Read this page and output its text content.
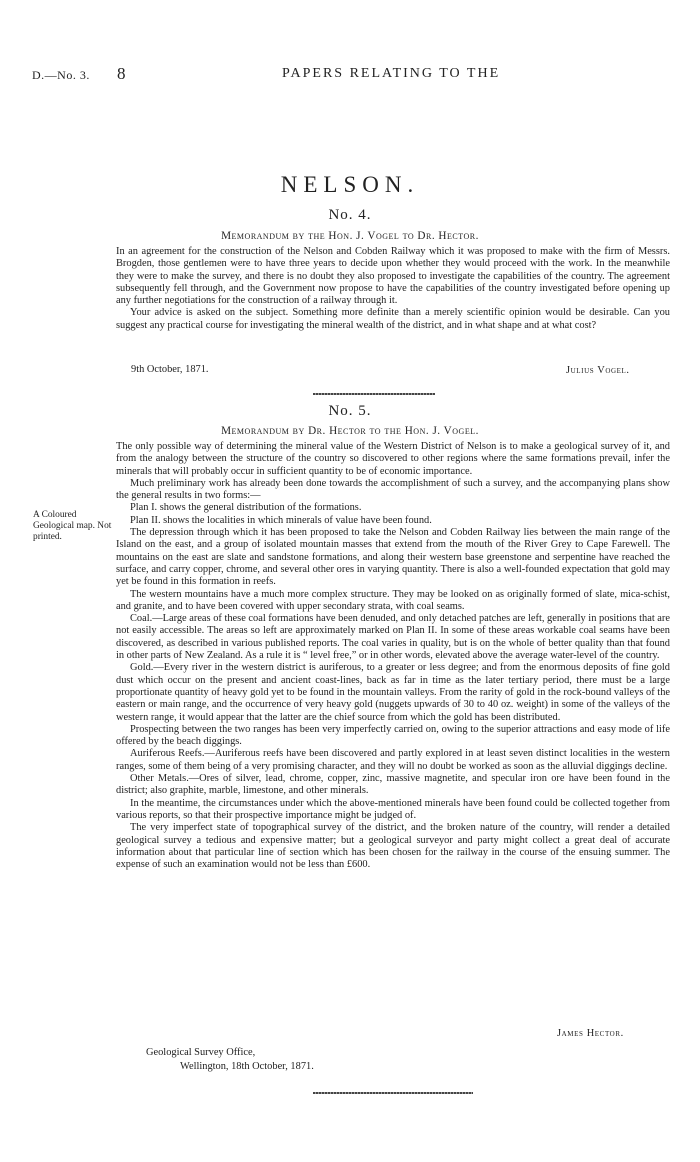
D.—No. 3. 8	PAPERS RELATING TO THE
NELSON.
No. 4.
Memorandum by the Hon. J. Vogel to Dr. Hector.

In an agreement for the construction of the Nelson and Cobden Railway which it was proposed to make with the firm of Messrs. Brogden, those gentlemen were to have three years to decide upon whether they would proceed with the work. In the meanwhile they were to make the survey, and there is no doubt they also proposed to investigate the capabilities of the country. The agreement subsequently fell through, and the Government now propose to have the capabilities of the country investigated before opening up any further negotiations for the construction of a railway through it.

Your advice is asked on the subject. Something more definite than a merely scientific opinion would be desirable. Can you suggest any practical course for investigating the mineral wealth of the district, and in what shape and at what cost?

9th October, 1871.	Julius Vogel.
No. 5.
Memorandum by Dr. Hector to the Hon. J. Vogel.
A Coloured Geological map. Not printed.

The only possible way of determining the mineral value of the Western District of Nelson is to make a geological survey of it, and from the analogy between the structure of the country so discovered to other regions where the same formations prevail, infer the minerals that will probably occur in sufficient quantity to be of economic importance.

Much preliminary work has already been done towards the accomplishment of such a survey, and the accompanying plans show the general results in two forms:—

Plan I. shows the general distribution of the formations.

Plan II. shows the localities in which minerals of value have been found.

The depression through which it has been proposed to take the Nelson and Cobden Railway lies between the main range of the Island on the east, and a group of isolated mountain masses that extend from the mouth of the River Grey to Cape Farewell. The mountains on the east are slate and sandstone formations, and along their western base greenstone and serpentine have reached the surface, and carry copper, chrome, and several other ores in varying quantity. There is also a well-founded expectation that gold may yet be found in this formation in reefs.

The western mountains have a much more complex structure. They may be looked on as originally formed of slate, mica-schist, and granite, and to have been covered with upper secondary strata, with coal seams.

Coal.—Large areas of these coal formations have been denuded, and only detached patches are left, generally in positions that are not easily accessible. The areas so left are approximately marked on Plan II. In some of these areas workable coal seams have been discovered, as described in various published reports. The coal varies in quality, but is on the whole of better quality than that found in other parts of New Zealand. As a rule it is “ level free,” or in other words, elevated above the average water-level of the country.

Gold.—Every river in the western district is auriferous, to a greater or less degree; and from the enormous deposits of fine gold dust which occur on the present and ancient coast-lines, back as far in time as the later tertiary period, there must be a large proportionate quantity of heavy gold yet to be found in the mountain valleys. From the rarity of gold in the rock-bound valleys of the eastern or main range, and the occurrence of very heavy gold (nuggets upwards of 30 to 40 oz. weight) in some of the valleys of the western range, it would appear that the latter are the chief source from which the gold has been distributed.

Prospecting between the two ranges has been very imperfectly carried on, owing to the superior attractions and easy mode of life offered by the beach diggings.

Auriferous Reefs.—Auriferous reefs have been discovered and partly explored in at least seven distinct localities in the western ranges, some of them being of a very promising character, and they will no doubt be worked as soon as the alluvial diggings decline.

Other Metals.—Ores of silver, lead, chrome, copper, zinc, massive magnetite, and specular iron ore have been found in the district; also graphite, marble, limestone, and other minerals.

In the meantime, the circumstances under which the above-mentioned minerals have been found could be collected together from various reports, so that their prospective importance might be judged of.

The very imperfect state of topographical survey of the district, and the broken nature of the country, will render a detailed geological survey a tedious and expensive matter; but a geological surveyor and party might collect a great deal of accurate information about that particular line of section which has been chosen for the railway in the course of the ensuing summer. The expense of such an examination would not be less than £600.

James Hector.
Geological Survey Office,
Wellington, 18th October, 1871.
